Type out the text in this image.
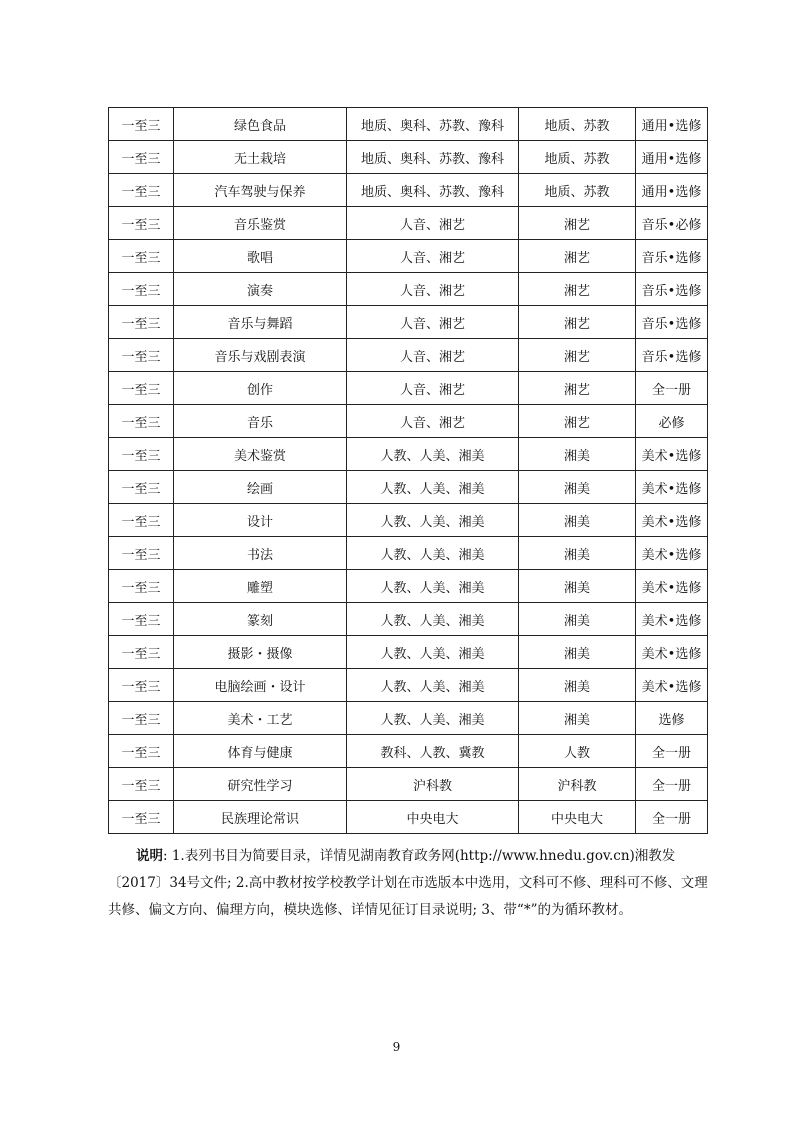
一至三	绿色食品	地质、奥科、苏教、豫科	地质、苏教	通用•选修
一至三	无土栽培	地质、奥科、苏教、豫科	地质、苏教	通用•选修
一至三	汽车驾驶与保养	地质、奥科、苏教、豫科	地质、苏教	通用•选修
一至三	音乐鉴赏	人音、湘艺	湘艺	音乐•必修
一至三	歌唱	人音、湘艺	湘艺	音乐•选修
一至三	演奏	人音、湘艺	湘艺	音乐•选修
一至三	音乐与舞蹈	人音、湘艺	湘艺	音乐•选修
一至三	音乐与戏剧表演	人音、湘艺	湘艺	音乐•选修
一至三	创作	人音、湘艺	湘艺	全一册
一至三	音乐	人音、湘艺	湘艺	必修
一至三	美术鉴赏	人教、人美、湘美	湘美	美术•选修
一至三	绘画	人教、人美、湘美	湘美	美术•选修
一至三	设计	人教、人美、湘美	湘美	美术•选修
一至三	书法	人教、人美、湘美	湘美	美术•选修
一至三	雕塑	人教、人美、湘美	湘美	美术•选修
一至三	篆刻	人教、人美、湘美	湘美	美术•选修
一至三	摄影・摄像	人教、人美、湘美	湘美	美术•选修
一至三	电脑绘画・设计	人教、人美、湘美	湘美	美术•选修
一至三	美术・工艺	人教、人美、湘美	湘美	选修
一至三	体育与健康	教科、人教、冀教	人教	全一册
一至三	研究性学习	沪科教	沪科教	全一册
一至三	民族理论常识	中央电大	中央电大	全一册

说明: 1.表列书目为简要目录，详情见湖南教育政务网(http://www.hnedu.gov.cn)湘教发〔2017〕34号文件; 2.高中教材按学校教学计划在市选版本中选用，文科可不修、理科可不修、文理共修、偏文方向、偏理方向，模块选修、详情见征订目录说明; 3、带“*”的为循环教材。

9
